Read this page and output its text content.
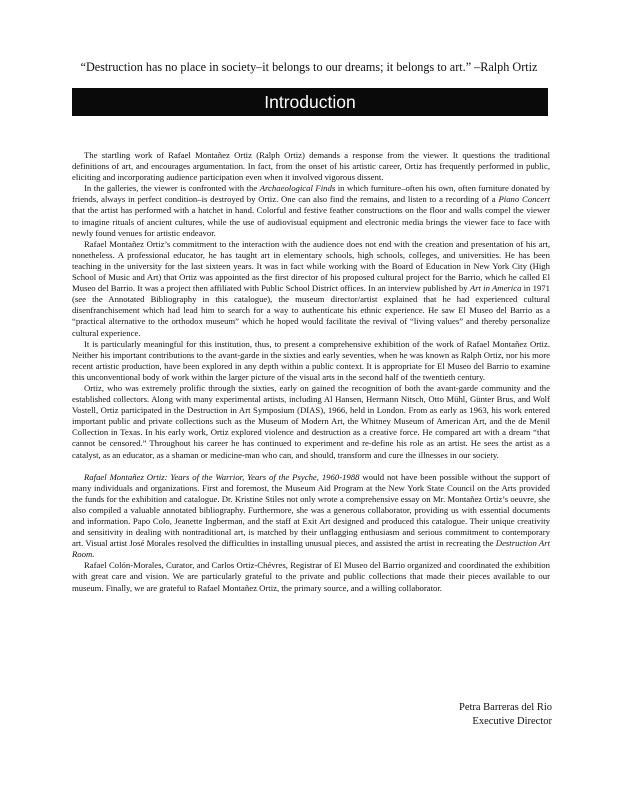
“Destruction has no place in society–it belongs to our dreams; it belongs to art.” –Ralph Ortiz
Introduction

The startling work of Rafael Montañez Ortiz (Ralph Ortiz) demands a response from the viewer. It questions the traditional definitions of art, and encourages argumentation. In fact, from the onset of his artistic career, Ortiz has frequently performed in public, eliciting and incorporating audience participation even when it involved vigorous dissent.

In the galleries, the viewer is confronted with the Archaeological Finds in which furniture–often his own, often furniture donated by friends, always in perfect condition–is destroyed by Ortiz. One can also find the remains, and listen to a recording of a Piano Concert that the artist has performed with a hatchet in hand. Colorful and festive feather constructions on the floor and walls compel the viewer to imagine rituals of ancient cultures, while the use of audiovisual equipment and electronic media brings the viewer face to face with newly found venues for artistic endeavor.

Rafael Montañez Ortiz’s commitment to the interaction with the audience does not end with the creation and presentation of his art, nonetheless. A professional educator, he has taught art in elementary schools, high schools, colleges, and universities. He has been teaching in the university for the last sixteen years. It was in fact while working with the Board of Education in New York City (High School of Music and Art) that Ortiz was appointed as the first director of his proposed cultural project for the Barrio, which he called El Museo del Barrio. It was a project then affiliated with Public School District offices. In an interview published by Art in America in 1971 (see the Annotated Bibliography in this catalogue), the museum director/artist explained that he had experienced cultural disenfranchisement which had lead him to search for a way to authenticate his ethnic experience. He saw El Museo del Barrio as a “practical alternative to the orthodox museum” which he hoped would facilitate the revival of “living values” and thereby personalize cultural experience.

It is particularly meaningful for this institution, thus, to present a comprehensive exhibition of the work of Rafael Montañez Ortiz. Neither his important contributions to the avant-garde in the sixties and early seventies, when he was known as Ralph Ortiz, nor his more recent artistic production, have been explored in any depth within a public context. It is appropriate for El Museo del Barrio to examine this unconventional body of work within the larger picture of the visual arts in the second half of the twentieth century.

Ortiz, who was extremely prolific through the sixties, early on gained the recognition of both the avant-garde community and the established collectors. Along with many experimental artists, including Al Hansen, Hermann Nitsch, Otto Mühl, Günter Brus, and Wolf Vostell, Ortiz participated in the Destruction in Art Symposium (DIAS), 1966, held in London. From as early as 1963, his work entered important public and private collections such as the Museum of Modern Art, the Whitney Museum of American Art, and the de Menil Collection in Texas. In his early work, Ortiz explored violence and destruction as a creative force. He compared art with a dream “that cannot be censored.” Throughout his career he has continued to experiment and re-define his role as an artist. He sees the artist as a catalyst, as an educator, as a shaman or medicine-man who can, and should, transform and cure the illnesses in our society.

Rafael Montañez Ortiz: Years of the Warrior, Years of the Psyche, 1960-1988 would not have been possible without the support of many individuals and organizations. First and foremost, the Museum Aid Program at the New York State Council on the Arts provided the funds for the exhibition and catalogue. Dr. Kristine Stiles not only wrote a comprehensive essay on Mr. Montañez Ortiz’s oeuvre, she also compiled a valuable annotated bibliography. Furthermore, she was a generous collaborator, providing us with essential documents and information. Papo Colo, Jeanette Ingberman, and the staff at Exit Art designed and produced this catalogue. Their unique creativity and sensitivity in dealing with nontraditional art, is matched by their unflagging enthusiasm and serious commitment to contemporary art. Visual artist José Morales resolved the difficulties in installing unusual pieces, and assisted the artist in recreating the Destruction Art Room.

Rafael Colón-Morales, Curator, and Carlos Ortiz-Chévres, Registrar of El Museo del Barrio organized and coordinated the exhibition with great care and vision. We are particularly grateful to the private and public collections that made their pieces available to our museum. Finally, we are grateful to Rafael Montañez Ortiz, the primary source, and a willing collaborator.

Petra Barreras del Rio
Executive Director
